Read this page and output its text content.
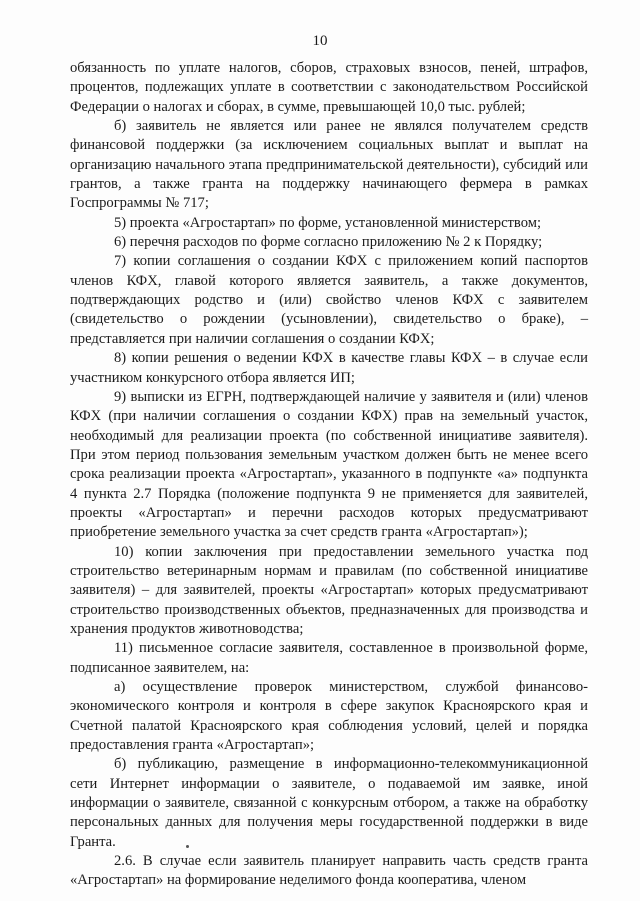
10

обязанность по уплате налогов, сборов, страховых взносов, пеней, штрафов, процентов, подлежащих уплате в соответствии с законодательством Российской Федерации о налогах и сборах, в сумме, превышающей 10,0 тыс. рублей;

б) заявитель не является или ранее не являлся получателем средств финансовой поддержки (за исключением социальных выплат и выплат на организацию начального этапа предпринимательской деятельности), субсидий или грантов, а также гранта на поддержку начинающего фермера в рамках Госпрограммы № 717;

5) проекта «Агростартап» по форме, установленной министерством;

6) перечня расходов по форме согласно приложению № 2 к Порядку;

7) копии соглашения о создании КФХ с приложением копий паспортов членов КФХ, главой которого является заявитель, а также документов, подтверждающих родство и (или) свойство членов КФХ с заявителем (свидетельство о рождении (усыновлении), свидетельство о браке), – представляется при наличии соглашения о создании КФХ;

8) копии решения о ведении КФХ в качестве главы КФХ – в случае если участником конкурсного отбора является ИП;

9) выписки из ЕГРН, подтверждающей наличие у заявителя и (или) членов КФХ (при наличии соглашения о создании КФХ) прав на земельный участок, необходимый для реализации проекта (по собственной инициативе заявителя). При этом период пользования земельным участком должен быть не менее всего срока реализации проекта «Агростартап», указанного в подпункте «а» подпункта 4 пункта 2.7 Порядка (положение подпункта 9 не применяется для заявителей, проекты «Агростартап» и перечни расходов которых предусматривают приобретение земельного участка за счет средств гранта «Агростартап»);

10) копии заключения при предоставлении земельного участка под строительство ветеринарным нормам и правилам (по собственной инициативе заявителя) – для заявителей, проекты «Агростартап» которых предусматривают строительство производственных объектов, предназначенных для производства и хранения продуктов животноводства;

11) письменное согласие заявителя, составленное в произвольной форме, подписанное заявителем, на:

а) осуществление проверок министерством, службой финансово-экономического контроля и контроля в сфере закупок Красноярского края и Счетной палатой Красноярского края соблюдения условий, целей и порядка предоставления гранта «Агростартап»;

б) публикацию, размещение в информационно-телекоммуникационной сети Интернет информации о заявителе, о подаваемой им заявке, иной информации о заявителе, связанной с конкурсным отбором, а также на обработку персональных данных для получения меры государственной поддержки в виде Гранта.

2.6. В случае если заявитель планирует направить часть средств гранта «Агростартап» на формирование неделимого фонда кооператива, членом
